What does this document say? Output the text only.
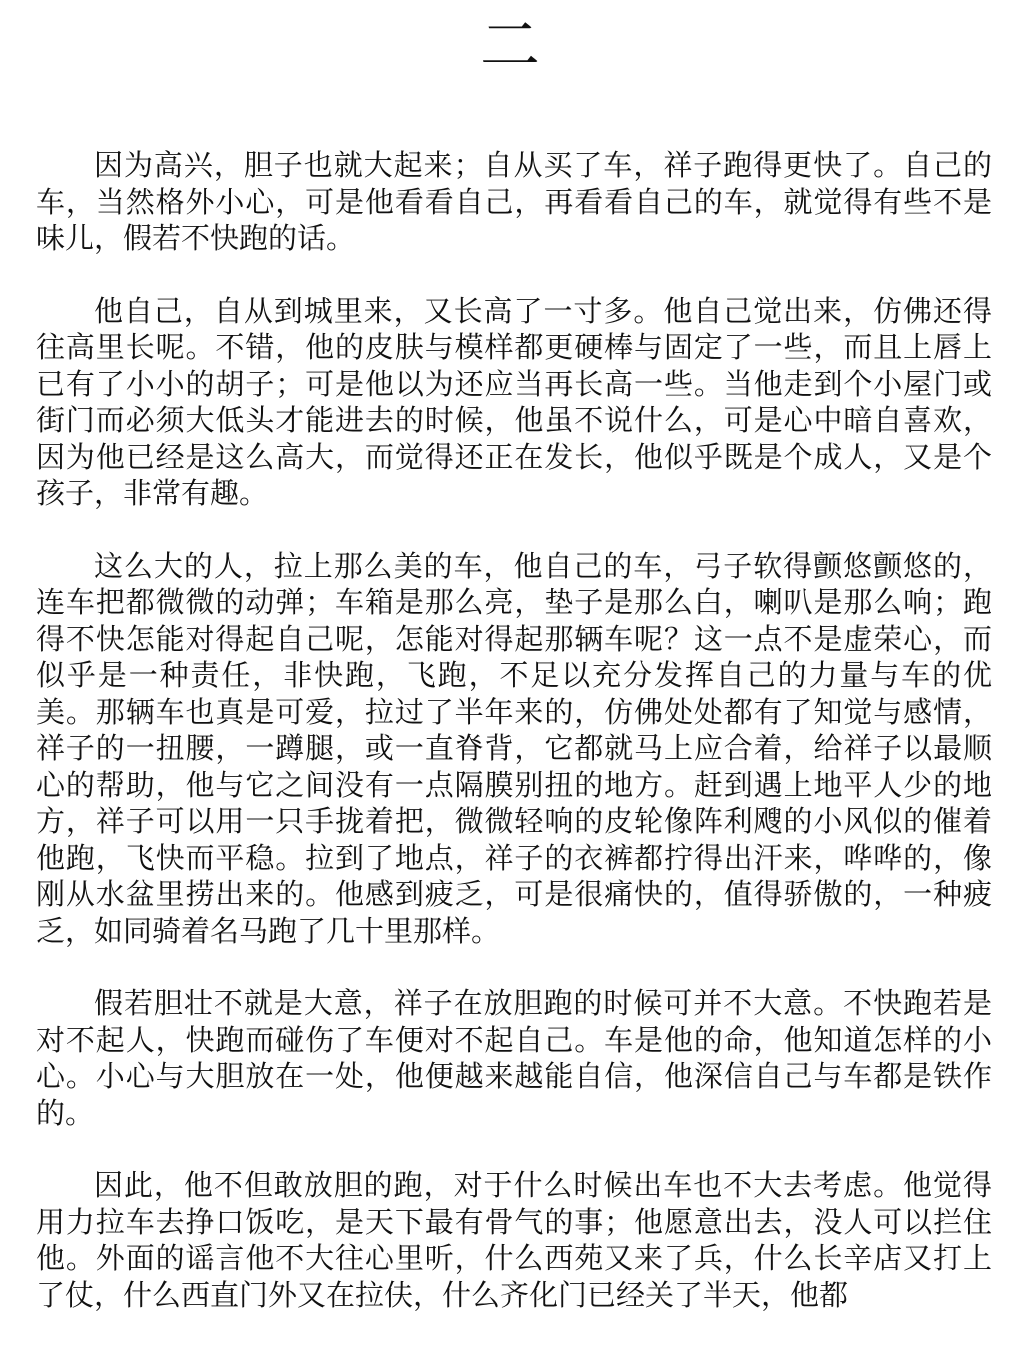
二

因为高兴，胆子也就大起来；自从买了车，祥子跑得更快了。自己的车，当然格外小心，可是他看看自己，再看看自己的车，就觉得有些不是味儿，假若不快跑的话。

他自己，自从到城里来，又长高了一寸多。他自己觉出来，仿佛还得往高里长呢。不错，他的皮肤与模样都更硬棒与固定了一些，而且上唇上已有了小小的胡子；可是他以为还应当再长高一些。当他走到个小屋门或街门而必须大低头才能进去的时候，他虽不说什么，可是心中暗自喜欢，因为他已经是这么高大，而觉得还正在发长，他似乎既是个成人，又是个孩子，非常有趣。

这么大的人，拉上那么美的车，他自己的车，弓子软得颤悠颤悠的，连车把都微微的动弹；车箱是那么亮，垫子是那么白，喇叭是那么响；跑得不快怎能对得起自己呢，怎能对得起那辆车呢？这一点不是虚荣心，而似乎是一种责任，非快跑，飞跑，不足以充分发挥自己的力量与车的优美。那辆车也真是可爱，拉过了半年来的，仿佛处处都有了知觉与感情，祥子的一扭腰，一蹲腿，或一直脊背，它都就马上应合着，给祥子以最顺心的帮助，他与它之间没有一点隔膜别扭的地方。赶到遇上地平人少的地方，祥子可以用一只手拢着把，微微轻响的皮轮像阵利飕的小风似的催着他跑，飞快而平稳。拉到了地点，祥子的衣裤都拧得出汗来，哗哗的，像刚从水盆里捞出来的。他感到疲乏，可是很痛快的，值得骄傲的，一种疲乏，如同骑着名马跑了几十里那样。

假若胆壮不就是大意，祥子在放胆跑的时候可并不大意。不快跑若是对不起人，快跑而碰伤了车便对不起自己。车是他的命，他知道怎样的小心。小心与大胆放在一处，他便越来越能自信，他深信自己与车都是铁作的。

因此，他不但敢放胆的跑，对于什么时候出车也不大去考虑。他觉得用力拉车去挣口饭吃，是天下最有骨气的事；他愿意出去，没人可以拦住他。外面的谣言他不大往心里听，什么西苑又来了兵，什么长辛店又打上了仗，什么西直门外又在拉伕，什么齐化门已经关了半天，他都
